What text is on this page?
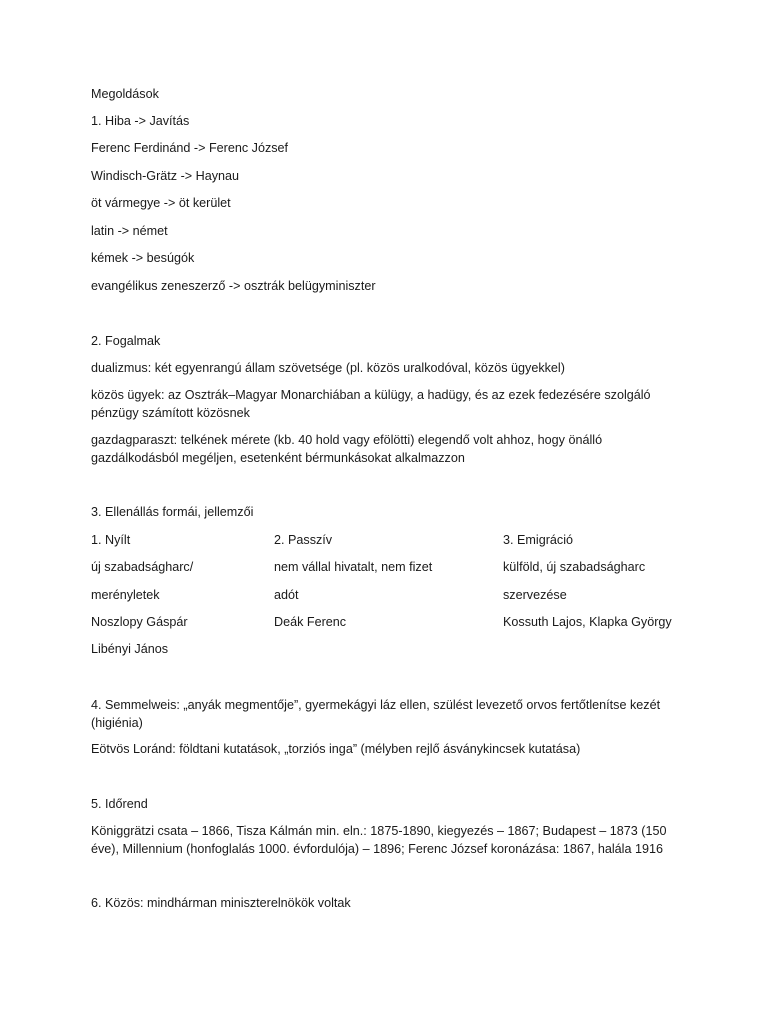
Megoldások
1. Hiba -> Javítás
Ferenc Ferdinánd -> Ferenc József
Windisch-Grätz -> Haynau
öt vármegye -> öt kerület
latin -> német
kémek -> besúgók
evangélikus zeneszerző -> osztrák belügyminiszter
2. Fogalmak
dualizmus: két egyenrangú állam szövetsége (pl. közös uralkodóval, közös ügyekkel)
közös ügyek: az Osztrák–Magyar Monarchiában a külügy, a hadügy, és az ezek fedezésére szolgáló pénzügy számított közösnek
gazdagparaszt: telkének mérete (kb. 40 hold vagy efölötti) elegendő volt ahhoz, hogy önálló gazdálkodásból megéljen, esetenként bérmunkásokat alkalmazzon
3. Ellenállás formái, jellemzői
1. Nyílt	2. Passzív	3. Emigráció
új szabadságharc/	nem vállal hivatalt, nem fizet	külföld, új szabadságharc
merényletek	adót	szervezése
Noszlopy Gáspár	Deák Ferenc	Kossuth Lajos, Klapka György
Libényi János
4. Semmelweis: „anyák megmentője”, gyermekágyi láz ellen, szülést levezető orvos fertőtlenítse kezét (higiénia)
Eötvös Loránd: földtani kutatások, „torziós inga” (mélyben rejlő ásványkincsek kutatása)
5. Időrend
Königgrätzi csata – 1866, Tisza Kálmán min. eln.: 1875-1890, kiegyezés – 1867; Budapest – 1873 (150 éve), Millennium (honfoglalás 1000. évfordulója) – 1896; Ferenc József koronázása: 1867, halála 1916
6. Közös: mindhárman miniszterelnökök voltak
